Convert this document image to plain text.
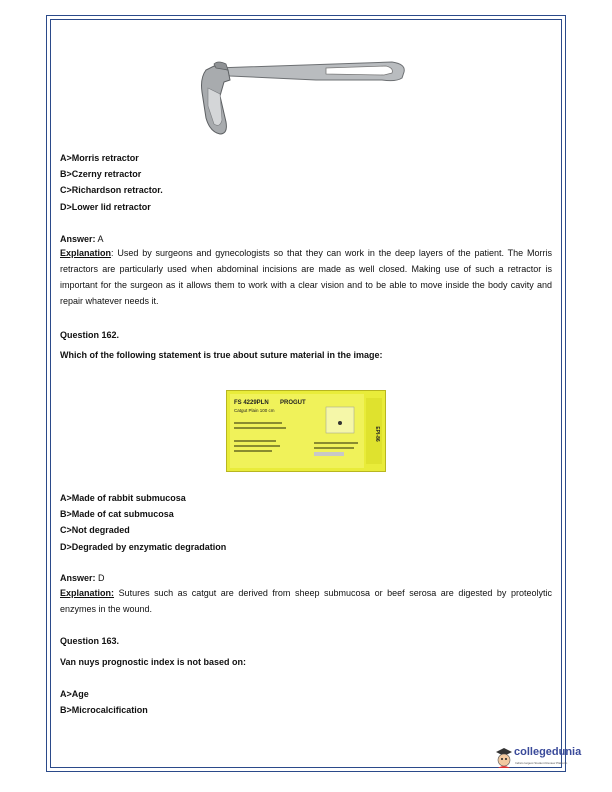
A>Morris retractor
B>Czerny retractor
C>Richardson retractor.
D>Lower lid retractor
Answer: A
Explanation: Used by surgeons and gynecologists so that they can work in the deep layers of the patient. The Morris retractors are particularly used when abdominal incisions are made as well closed. Making use of such a retractor is important for the surgeon as it allows them to work with a clear vision and to be able to move inside the body cavity and repair whatever needs it.
Question 162.
Which of the following statement is true about suture material in the image:
FS 4229PLN PROGUT
Catgut Plain 100 cm
EPI-86
A>Made of rabbit submucosa
B>Made of cat submucosa
C>Not degraded
D>Degraded by enzymatic degradation
Answer: D
Explanation: Sutures such as catgut are derived from sheep submucosa or beef serosa are digested by proteolytic enzymes in the wound.
Question 163.
Van nuys prognostic index is not based on:
A>Age
B>Microcalcification
collegedunia
India's largest Student Review Platform
